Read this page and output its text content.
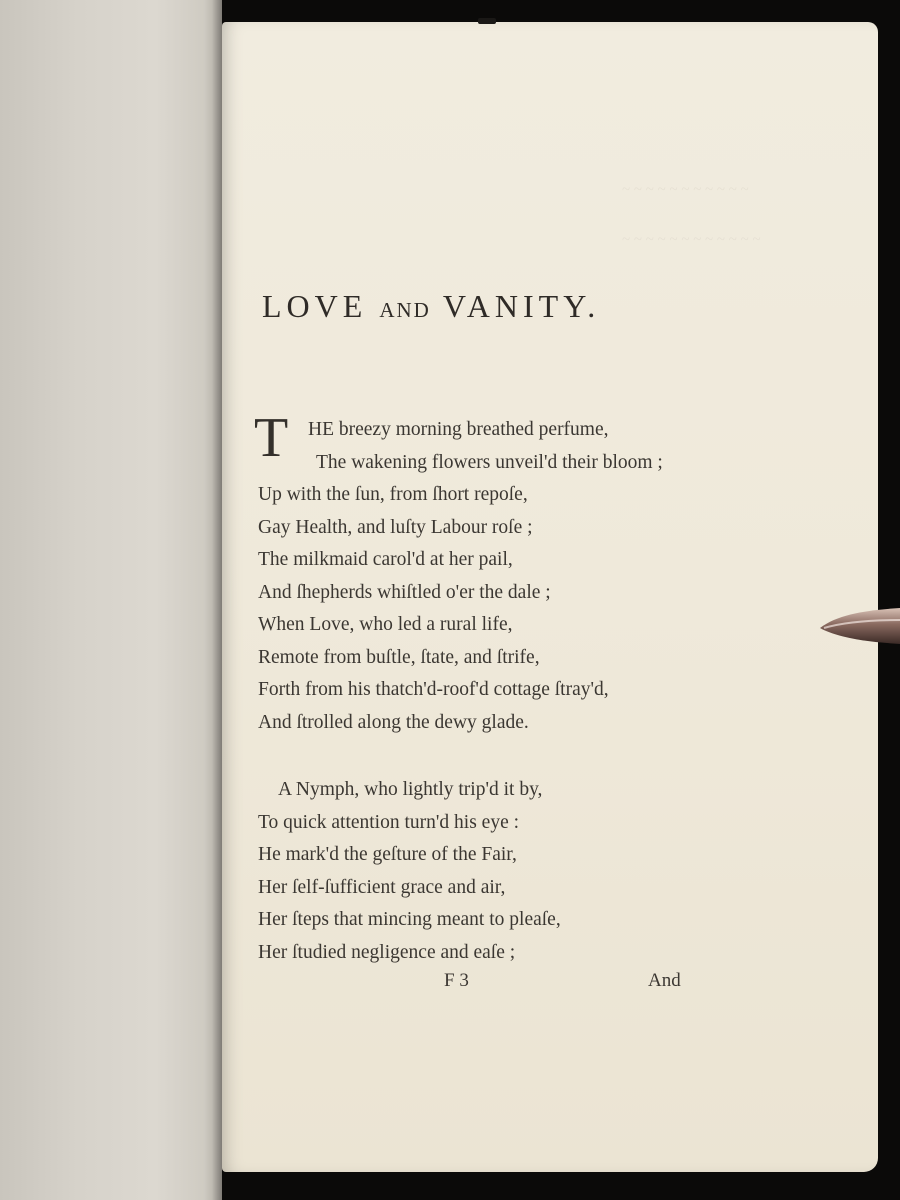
~ ~ ~ ~ ~ ~ ~ ~ ~ ~ ~
~ ~ ~ ~ ~ ~ ~ ~ ~ ~ ~ ~
LOVE AND VANITY.
T	HE breezy morning breathed perfume,
The wakening flowers unveil'd their bloom ;
Up with the ſun, from ſhort repoſe,
Gay Health, and luſty Labour roſe ;
The milkmaid carol'd at her pail,
And ſhepherds whiſtled o'er the dale ;
When Love, who led a rural life,
Remote from buſtle, ſtate, and ſtrife,
Forth from his thatch'd-roof'd cottage ſtray'd,
And ſtrolled along the dewy glade.
A Nymph, who lightly trip'd it by,
To quick attention turn'd his eye :
He mark'd the geſture of the Fair,
Her ſelf-ſufficient grace and air,
Her ſteps that mincing meant to pleaſe,
Her ſtudied negligence and eaſe ;
F 3	And
